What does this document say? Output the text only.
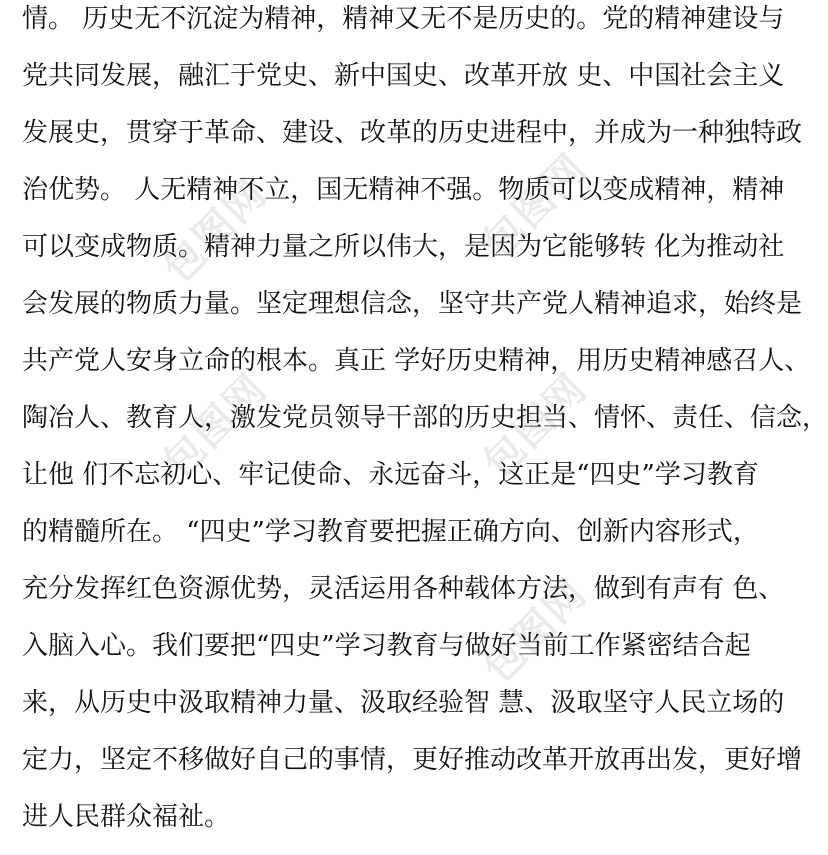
包图网	包图网
包图网	包图网
包图网
情。 历史无不沉淀为精神，精神又无不是历史的。党的精神建设与
党共同发展，融汇于党史、新中国史、改革开放 史、中国社会主义
发展史，贯穿于革命、建设、改革的历史进程中，并成为一种独特政
治优势。 人无精神不立，国无精神不强。物质可以变成精神，精神
可以变成物质。精神力量之所以伟大，是因为它能够转 化为推动社
会发展的物质力量。坚定理想信念，坚守共产党人精神追求，始终是
共产党人安身立命的根本。真正 学好历史精神，用历史精神感召人、
陶冶人、教育人，激发党员领导干部的历史担当、情怀、责任、信念，
让他 们不忘初心、牢记使命、永远奋斗，这正是“四史”学习教育
的精髓所在。 “四史”学习教育要把握正确方向、创新内容形式，
充分发挥红色资源优势，灵活运用各种载体方法，做到有声有 色、
入脑入心。我们要把“四史”学习教育与做好当前工作紧密结合起
来，从历史中汲取精神力量、汲取经验智 慧、汲取坚守人民立场的
定力，坚定不移做好自己的事情，更好推动改革开放再出发，更好增
进人民群众福祉。
